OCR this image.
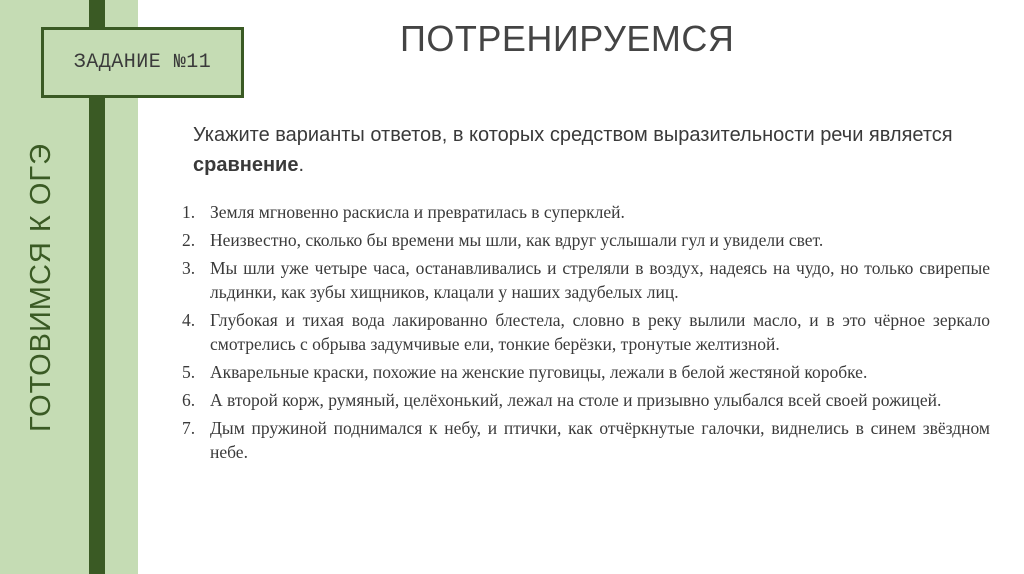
ГОТОВИМСЯ К ОГЭ
ЗАДАНИЕ №11
ПОТРЕНИРУЕМСЯ
Укажите варианты ответов, в которых средством выразительности речи является сравнение.
1. Земля мгновенно раскисла и превратилась в суперклей.
2. Неизвестно, сколько бы времени мы шли, как вдруг услышали гул и увидели свет.
3. Мы шли уже четыре часа, останавливались и стреляли в воздух, надеясь на чудо, но только свирепые льдинки, как зубы хищников, клацали у наших задубелых лиц.
4. Глубокая и тихая вода лакированно блестела, словно в реку вылили масло, и в это чёрное зеркало смотрелись с обрыва задумчивые ели, тонкие берёзки, тронутые желтизной.
5. Акварельные краски, похожие на женские пуговицы, лежали в белой жестяной коробке.
6. А второй корж, румяный, целёхонький, лежал на столе и призывно улыбался всей своей рожицей.
7. Дым пружиной поднимался к небу, и птички, как отчёркнутые галочки, виднелись в синем звёздном небе.
